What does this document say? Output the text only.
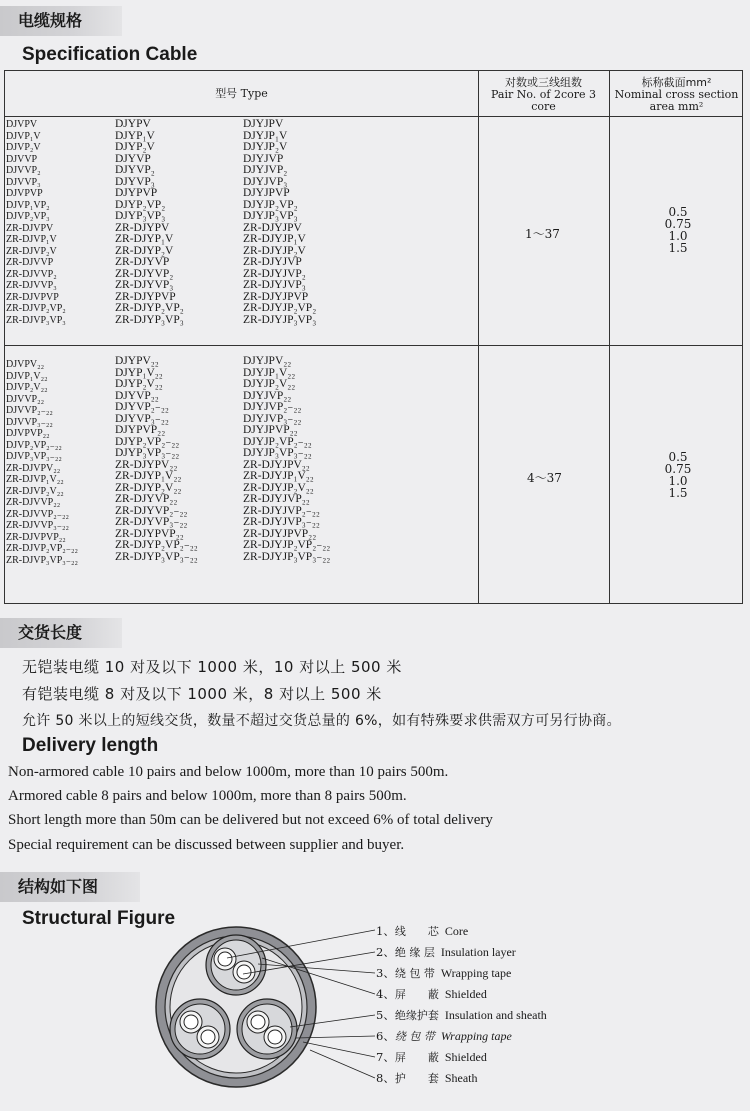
电缆规格
Specification Cable
型号 Type
对数或三线组数
Pair No. of 2core 3
core
标称截面mm²
Nominal cross section
area mm²
DJVPV
DJVP₁V
DJVP₂V
DJVVP
DJVVP₂
DJVVP₃
DJVPVP
DJVP₁VP₂
DJVP₂VP₃
ZR-DJVPV
ZR-DJVP₁V
ZR-DJVP₂V
ZR-DJVVP
ZR-DJVVP₂
ZR-DJVVP₃
ZR-DJVPVP
ZR-DJVP₂VP₂
ZR-DJVP₃VP₃
DJYPV
DJYP₁V
DJYP₂V
DJYVP
DJYVP₂
DJYVP₃
DJYPVP
DJYP₂VP₂
DJYP₃VP₃
ZR-DJYPV
ZR-DJYP₁V
ZR-DJYP₂V
ZR-DJYVP
ZR-DJYVP₂
ZR-DJYVP₃
ZR-DJYPVP
ZR-DJYP₂VP₂
ZR-DJYP₃VP₃
DJYJPV
DJYJP₁V
DJYJP₂V
DJYJVP
DJYJVP₂
DJYJVP₃
DJYJPVP
DJYJP₂VP₂
DJYJP₃VP₃
ZR-DJYJPV
ZR-DJYJP₁V
ZR-DJYJP₂V
ZR-DJYJVP
ZR-DJYJVP₂
ZR-DJYJVP₃
ZR-DJYJPVP
ZR-DJYJP₂VP₂
ZR-DJYJP₃VP₃
1～37
0.5
0.75
1.0
1.5
DJVPV₂₂
DJVP₁V₂₂
DJVP₂V₂₂
DJVVP₂₂
DJVVP₂₋₂₂
DJVVP₃₋₂₂
DJVPVP₂₂
DJVP₂VP₂₋₂₂
DJVP₃VP₃₋₂₂
ZR-DJVPV₂₂
ZR-DJVP₁V₂₂
ZR-DJVP₂V₂₂
ZR-DJVVP₂₂
ZR-DJVVP₂₋₂₂
ZR-DJVVP₃₋₂₂
ZR-DJVPVP₂₂
ZR-DJVP₂VP₂₋₂₂
ZR-DJVP₃VP₃₋₂₂
DJYPV₂₂
DJYP₁V₂₂
DJYP₂V₂₂
DJYVP₂₂
DJYVP₂₋₂₂
DJYVP₃₋₂₂
DJYPVP₂₂
DJYP₂VP₂₋₂₂
DJYP₃VP₃₋₂₂
ZR-DJYPV₂₂
ZR-DJYP₁V₂₂
ZR-DJYP₂V₂₂
ZR-DJYVP₂₂
ZR-DJYVP₂₋₂₂
ZR-DJYVP₃₋₂₂
ZR-DJYPVP₂₂
ZR-DJYP₂VP₂₋₂₂
ZR-DJYP₃VP₃₋₂₂
DJYJPV₂₂
DJYJP₁V₂₂
DJYJP₂V₂₂
DJYJVP₂₂
DJYJVP₂₋₂₂
DJYJVP₃₋₂₂
DJYJPVP₂₂
DJYJP₂VP₂₋₂₂
DJYJP₃VP₃₋₂₂
ZR-DJYJPV₂₂
ZR-DJYJP₁V₂₂
ZR-DJYJP₂V₂₂
ZR-DJYJVP₂₂
ZR-DJYJVP₂₋₂₂
ZR-DJYJVP₃₋₂₂
ZR-DJYJPVP₂₂
ZR-DJYJP₂VP₂₋₂₂
ZR-DJYJP₃VP₃₋₂₂
4～37
0.5
0.75
1.0
1.5
交货长度
无铠装电缆 10 对及以下 1000 米，10 对以上 500 米
有铠装电缆 8 对及以下 1000 米，8 对以上 500 米
允许 50 米以上的短线交货，数量不超过交货总量的 6%，如有特殊要求供需双方可另行协商。
Delivery length
Non-armored cable 10 pairs and below 1000m, more than 10 pairs 500m.
Armored cable 8 pairs and below 1000m, more than 8 pairs 500m.
Short length more than 50m can be delivered but not exceed 6% of total delivery
Special requirement can be discussed between supplier and buyer.
结构如下图
Structural Figure
1、线　　芯 Core
2、绝 缘 层 Insulation layer
3、绕 包 带 Wrapping tape
4、屏　　蔽 Shielded
5、绝缘护套 Insulation and sheath
6、绕 包 带 Wrapping tape
7、屏　　蔽 Shielded
8、护　　套 Sheath
